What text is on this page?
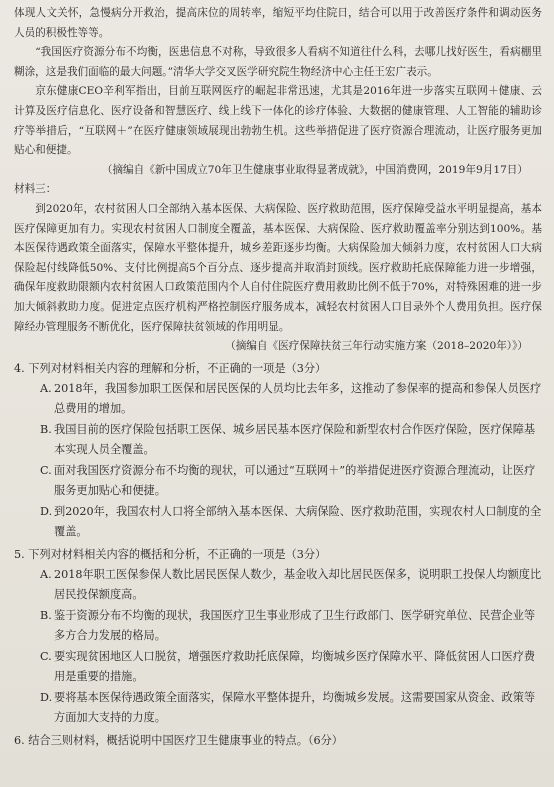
体现人文关怀，急慢病分开救治，提高床位的周转率，缩短平均住院日，结合可以用于改善医疗条件和调动医务人员的积极性等等。

“我国医疗资源分布不均衡，医患信息不对称，导致很多人看病不知道往什么科，去哪儿找好医生，看病棚里糊涂，这是我们面临的最大问题。”清华大学交叉医学研究院生物经济中心主任王宏广表示。

京东健康CEO辛利军指出，目前互联网医疗的崛起非常迅速，尤其是2016年进一步落实互联网＋健康、云计算及医疗信息化、医疗设备和智慧医疗、线上线下一体化的诊疗体验、大数据的健康管理、人工智能的辅助诊疗等举措后，“互联网＋”在医疗健康领域展现出勃勃生机。这些举措促进了医疗资源合理流动，让医疗服务更加贴心和便捷。

（摘编自《新中国成立70年卫生健康事业取得显著成就》，中国消费网，2019年9月17日）

材料三：

到2020年，农村贫困人口全部纳入基本医保、大病保险、医疗救助范围，医疗保障受益水平明显提高，基本医疗保障更加有力。实现农村贫困人口制度全覆盖，基本医保、大病保险、医疗救助覆盖率分别达到100%。基本医保待遇政策全面落实，保障水平整体提升，城乡差距逐步均衡。大病保险加大倾斜力度，农村贫困人口大病保险起付线降低50%、支付比例提高5个百分点、逐步提高并取消封顶线。医疗救助托底保障能力进一步增强，确保年度救助限额内农村贫困人口政策范围内个人自付住院医疗费用救助比例不低于70%，对特殊困难的进一步加大倾斜救助力度。促进定点医疗机构严格控制医疗服务成本，减轻农村贫困人口目录外个人费用负担。医疗保障经办管理服务不断优化，医疗保障扶贫领域的作用明显。

（摘编自《医疗保障扶贫三年行动实施方案（2018–2020年）》）

4. 下列对材料相关内容的理解和分析，不正确的一项是（3分）

A. 2018年，我国参加职工医保和居民医保的人员均比去年多，这推动了参保率的提高和参保人员医疗总费用的增加。

B. 我国目前的医疗保险包括职工医保、城乡居民基本医疗保险和新型农村合作医疗保险，医疗保障基本实现人员全覆盖。

C. 面对我国医疗资源分布不均衡的现状，可以通过“互联网＋”的举措促进医疗资源合理流动，让医疗服务更加贴心和便捷。

D. 到2020年，我国农村人口将全部纳入基本医保、大病保险、医疗救助范围，实现农村人口制度的全覆盖。

5. 下列对材料相关内容的概括和分析，不正确的一项是（3分）

A. 2018年职工医保参保人数比居民医保人数少，基金收入却比居民医保多，说明职工投保人均额度比居民投保额度高。

B. 鉴于资源分布不均衡的现状，我国医疗卫生事业形成了卫生行政部门、医学研究单位、民营企业等多方合力发展的格局。

C. 要实现贫困地区人口脱贫，增强医疗救助托底保障，均衡城乡医疗保障水平、降低贫困人口医疗费用是重要的措施。

D. 要将基本医保待遇政策全面落实，保障水平整体提升，均衡城乡发展。这需要国家从资金、政策等方面加大支持的力度。

6. 结合三则材料，概括说明中国医疗卫生健康事业的特点。（6分）
